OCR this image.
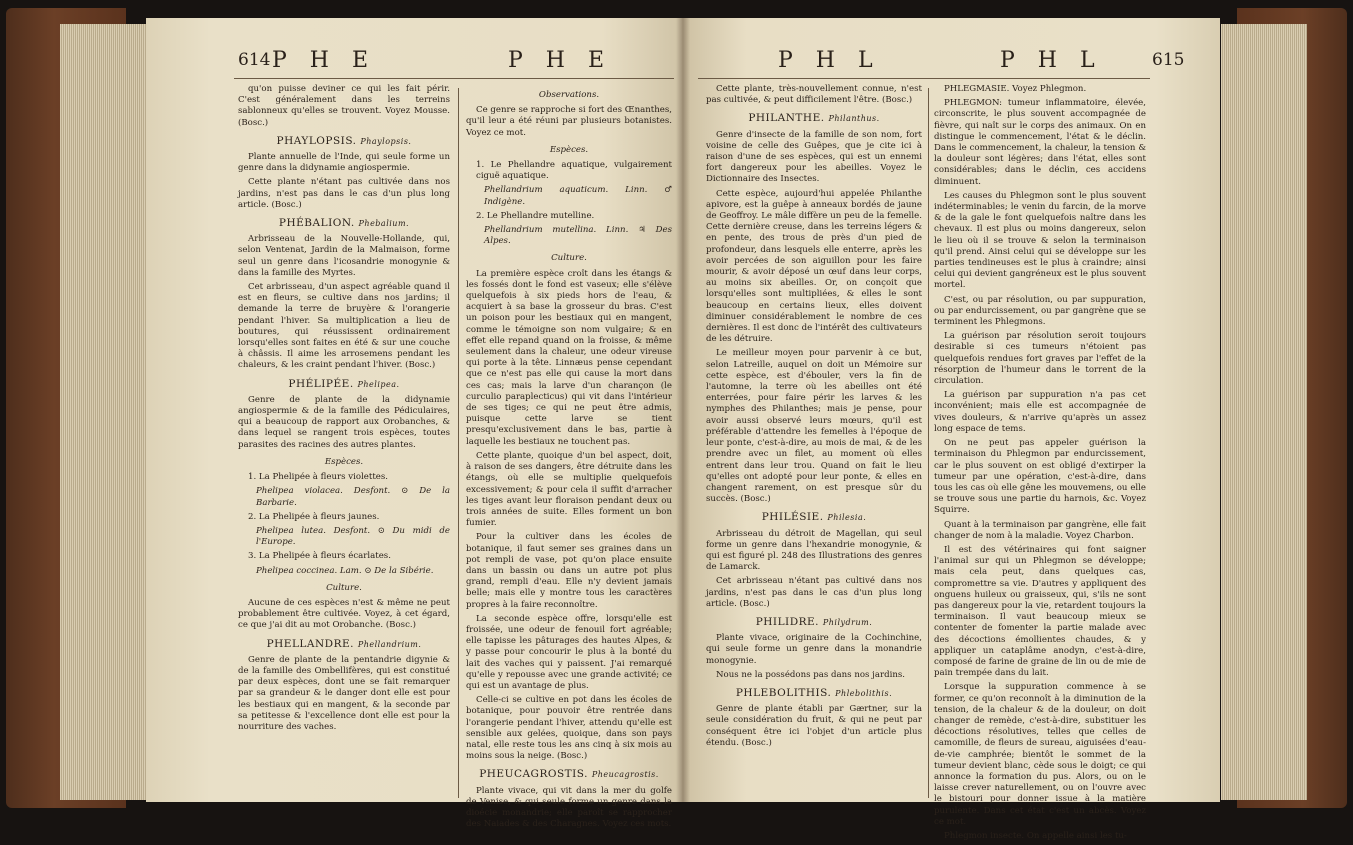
614 P H E	P H E

qu'on puisse deviner ce qui les fait périr. C'est généralement dans les terreins sablonneux qu'elles se trouvent. Voyez Mousse. (Bosc.)

PHAYLOPSIS. Phaylopsis.

Plante annuelle de l'Inde, qui seule forme un genre dans la didynamie angiospermie.

Cette plante n'étant pas cultivée dans nos jardins, n'est pas dans le cas d'un plus long article. (Bosc.)

PHÉBALION. Phebalium.

Arbrisseau de la Nouvelle-Hollande, qui, selon Ventenat, Jardin de la Malmaison, forme seul un genre dans l'icosandrie monogynie & dans la famille des Myrtes.

Cet arbrisseau, d'un aspect agréable quand il est en fleurs, se cultive dans nos jardins; il demande la terre de bruyère & l'orangerie pendant l'hiver. Sa multiplication a lieu de boutures, qui réussissent ordinairement lorsqu'elles sont faites en été & sur une couche à châssis. Il aime les arrosemens pendant les chaleurs, & les craint pendant l'hiver. (Bosc.)

PHÉLIPÉE. Phelipea.

Genre de plante de la didynamie angiospermie & de la famille des Pédiculaires, qui a beaucoup de rapport aux Orobanches, & dans lequel se rangent trois espèces, toutes parasites des racines des autres plantes.

Espèces.

1. La Phelipée à fleurs violettes.

Phelipea violacea. Desfont. ⊙ De la Barbarie.

2. La Phelipée à fleurs jaunes.

Phelipea lutea. Desfont. ⊙ Du midi de l'Europe.

3. La Phelipée à fleurs écarlates.

Phelipea coccinea. Lam. ⊙ De la Sibérie.

Culture.

Aucune de ces espèces n'est & même ne peut probablement être cultivée. Voyez, à cet égard, ce que j'ai dit au mot Orobanche. (Bosc.)

PHELLANDRE. Phellandrium.

Genre de plante de la pentandrie digynie & de la famille des Ombellifères, qui est constitué par deux espèces, dont une se fait remarquer par sa grandeur & le danger dont elle est pour les bestiaux qui en mangent, & la seconde par sa petitesse & l'excellence dont elle est pour la nourriture des vaches.

Observations.

Ce genre se rapproche si fort des Œnanthes, qu'il leur a été réuni par plusieurs botanistes. Voyez ce mot.

Espèces.

1. Le Phellandre aquatique, vulgairement ciguë aquatique.

Phellandrium aquaticum. Linn. ♂ Indigène.

2. Le Phellandre mutelline.

Phellandrium mutellina. Linn. ♃ Des Alpes.

Culture.

La première espèce croît dans les étangs & les fossés dont le fond est vaseux; elle s'élève quelquefois à six pieds hors de l'eau, & acquiert à sa base la grosseur du bras. C'est un poison pour les bestiaux qui en mangent, comme le témoigne son nom vulgaire; & en effet elle repand quand on la froisse, & même seulement dans la chaleur, une odeur vireuse qui porte à la tête. Linnæus pense cependant que ce n'est pas elle qui cause la mort dans ces cas; mais la larve d'un charançon (le curculio paraplecticus) qui vit dans l'intérieur de ses tiges; ce qui ne peut être admis, puisque cette larve se tient presqu'exclusivement dans le bas, partie à laquelle les bestiaux ne touchent pas.

Cette plante, quoique d'un bel aspect, doit, à raison de ses dangers, être détruite dans les étangs, où elle se multiplie quelquefois excessivement; & pour cela il suffit d'arracher les tiges avant leur floraison pendant deux ou trois années de suite. Elles forment un bon fumier.

Pour la cultiver dans les écoles de botanique, il faut semer ses graines dans un pot rempli de vase, pot qu'on place ensuite dans un bassin ou dans un autre pot plus grand, rempli d'eau. Elle n'y devient jamais belle; mais elle y montre tous les caractères propres à la faire reconnoître.

La seconde espèce offre, lorsqu'elle est froissée, une odeur de fenouil fort agréable; elle tapisse les pâturages des hautes Alpes, & y passe pour concourir le plus à la bonté du lait des vaches qui y paissent. J'ai remarqué qu'elle y repousse avec une grande activité; ce qui est un avantage de plus.

Celle-ci se cultive en pot dans les écoles de botanique, pour pouvoir être rentrée dans l'orangerie pendant l'hiver, attendu qu'elle est sensible aux gelées, quoique, dans son pays natal, elle reste tous les ans cinq à six mois au moins sous la neige. (Bosc.)

PHEUCAGROSTIS. Pheucagrostis.

Plante vivace, qui vit dans la mer du golfe de Venise, & qui seule forme un genre dans la dioécie monandrie; elle paroît se rapprocher des Naiades & des Charagnes. Voyez ces mots.

P H L	P H L	615

Cette plante, très-nouvellement connue, n'est pas cultivée, & peut difficilement l'être. (Bosc.)

PHILANTHE. Philanthus.

Genre d'insecte de la famille de son nom, fort voisine de celle des Guêpes, que je cite ici à raison d'une de ses espèces, qui est un ennemi fort dangereux pour les abeilles. Voyez le Dictionnaire des Insectes.

Cette espèce, aujourd'hui appelée Philanthe apivore, est la guêpe à anneaux bordés de jaune de Geoffroy. Le mâle diffère un peu de la femelle. Cette dernière creuse, dans les terreins légers & en pente, des trous de près d'un pied de profondeur, dans lesquels elle enterre, après les avoir percées de son aiguillon pour les faire mourir, & avoir déposé un œuf dans leur corps, au moins six abeilles. Or, on conçoit que lorsqu'elles sont multipliées, & elles le sont beaucoup en certains lieux, elles doivent diminuer considérablement le nombre de ces dernières. Il est donc de l'intérêt des cultivateurs de les détruire.

Le meilleur moyen pour parvenir à ce but, selon Latreille, auquel on doit un Mémoire sur cette espèce, est d'ébouler, vers la fin de l'automne, la terre où les abeilles ont été enterrées, pour faire périr les larves & les nymphes des Philanthes; mais je pense, pour avoir aussi observé leurs mœurs, qu'il est préférable d'attendre les femelles à l'époque de leur ponte, c'est-à-dire, au mois de mai, & de les prendre avec un filet, au moment où elles entrent dans leur trou. Quand on fait le lieu qu'elles ont adopté pour leur ponte, & elles en changent rarement, on est presque sûr du succès. (Bosc.)

PHILÉSIE. Philesia.

Arbrisseau du détroit de Magellan, qui seul forme un genre dans l'hexandrie monogynie, & qui est figuré pl. 248 des Illustrations des genres de Lamarck.

Cet arbrisseau n'étant pas cultivé dans nos jardins, n'est pas dans le cas d'un plus long article. (Bosc.)

PHILIDRE. Philydrum.

Plante vivace, originaire de la Cochinchine, qui seule forme un genre dans la monandrie monogynie.

Nous ne la possédons pas dans nos jardins.

PHLEBOLITHIS. Phlebolithis.

Genre de plante établi par Gærtner, sur la seule considération du fruit, & qui ne peut par conséquent être ici l'objet d'un article plus étendu. (Bosc.)

PHLEGMASIE. Voyez Phlegmon.

PHLEGMON: tumeur inflammatoire, élevée, circonscrite, le plus souvent accompagnée de fièvre, qui naît sur le corps des animaux. On en distingue le commencement, l'état & le déclin. Dans le commencement, la chaleur, la tension & la douleur sont légères; dans l'état, elles sont considérables; dans le déclin, ces accidens diminuent.

Les causes du Phlegmon sont le plus souvent indéterminables; le venin du farcin, de la morve & de la gale le font quelquefois naître dans les chevaux. Il est plus ou moins dangereux, selon le lieu où il se trouve & selon la terminaison qu'il prend. Ainsi celui qui se développe sur les parties tendineuses est le plus à craindre; ainsi celui qui devient gangréneux est le plus souvent mortel.

C'est, ou par résolution, ou par suppuration, ou par endurcissement, ou par gangrène que se terminent les Phlegmons.

La guérison par résolution seroit toujours desirable si ces tumeurs n'étoient pas quelquefois rendues fort graves par l'effet de la résorption de l'humeur dans le torrent de la circulation.

La guérison par suppuration n'a pas cet inconvénient; mais elle est accompagnée de vives douleurs, & n'arrive qu'après un assez long espace de tems.

On ne peut pas appeler guérison la terminaison du Phlegmon par endurcissement, car le plus souvent on est obligé d'extirper la tumeur par une opération, c'est-à-dire, dans tous les cas où elle gêne les mouvemens, ou elle se trouve sous une partie du harnois, &c. Voyez Squirre.

Quant à la terminaison par gangrène, elle fait changer de nom à la maladie. Voyez Charbon.

Il est des vétérinaires qui font saigner l'animal sur qui un Phlegmon se développe; mais cela peut, dans quelques cas, compromettre sa vie. D'autres y appliquent des onguens huileux ou graisseux, qui, s'ils ne sont pas dangereux pour la vie, retardent toujours la terminaison. Il vaut beaucoup mieux se contenter de fomenter la partie malade avec des décoctions émollientes chaudes, & y appliquer un cataplâme anodyn, c'est-à-dire, composé de farine de graine de lin ou de mie de pain trempée dans du lait.

Lorsque la suppuration commence à se former, ce qu'on reconnoît à la diminution de la tension, de la chaleur & de la douleur, on doit changer de remède, c'est-à-dire, substituer les décoctions résolutives, telles que celles de camomille, de fleurs de sureau, aiguisées d'eau-de-vie camphrée; bientôt le sommet de la tumeur devient blanc, cède sous le doigt; ce qui annonce la formation du pus. Alors, ou on le laisse crever naturellement, ou on l'ouvre avec le bistouri pour donner issue à la matière purulente. Dans cet état c'est un abcès. Voyez ce mot.

Phlegmon insecte. On appelle ainsi les tu-
